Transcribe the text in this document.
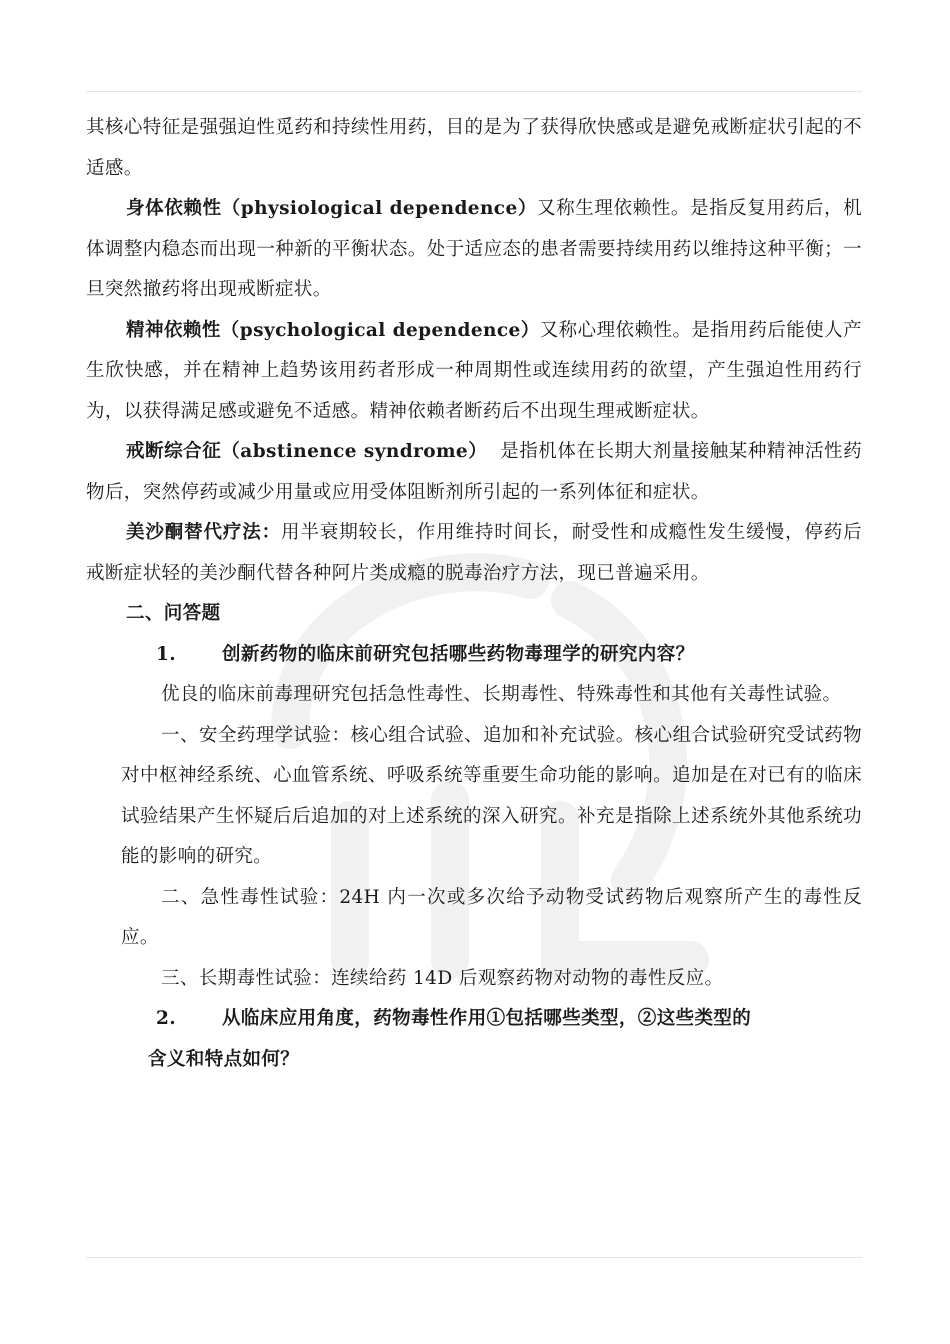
其核心特征是强强迫性觅药和持续性用药，目的是为了获得欣快感或是避免戒断症状引起的不适感。

身体依赖性（physiological dependence）又称生理依赖性。是指反复用药后，机体调整内稳态而出现一种新的平衡状态。处于适应态的患者需要持续用药以维持这种平衡；一旦突然撤药将出现戒断症状。

精神依赖性（psychological dependence）又称心理依赖性。是指用药后能使人产生欣快感，并在精神上趋势该用药者形成一种周期性或连续用药的欲望，产生强迫性用药行为，以获得满足感或避免不适感。精神依赖者断药后不出现生理戒断症状。

戒断综合征（abstinence syndrome） 是指机体在长期大剂量接触某种精神活性药物后，突然停药或减少用量或应用受体阻断剂所引起的一系列体征和症状。

美沙酮替代疗法：用半衰期较长，作用维持时间长，耐受性和成瘾性发生缓慢，停药后戒断症状轻的美沙酮代替各种阿片类成瘾的脱毒治疗方法，现已普遍采用。

二、问答题

1. 创新药物的临床前研究包括哪些药物毒理学的研究内容？

优良的临床前毒理研究包括急性毒性、长期毒性、特殊毒性和其他有关毒性试验。

一、安全药理学试验：核心组合试验、追加和补充试验。核心组合试验研究受试药物对中枢神经系统、心血管系统、呼吸系统等重要生命功能的影响。追加是在对已有的临床试验结果产生怀疑后后追加的对上述系统的深入研究。补充是指除上述系统外其他系统功能的影响的研究。

二、急性毒性试验：24H 内一次或多次给予动物受试药物后观察所产生的毒性反应。

三、长期毒性试验：连续给药 14D 后观察药物对动物的毒性反应。

2. 从临床应用角度，药物毒性作用①包括哪些类型，②这些类型的

含义和特点如何？
